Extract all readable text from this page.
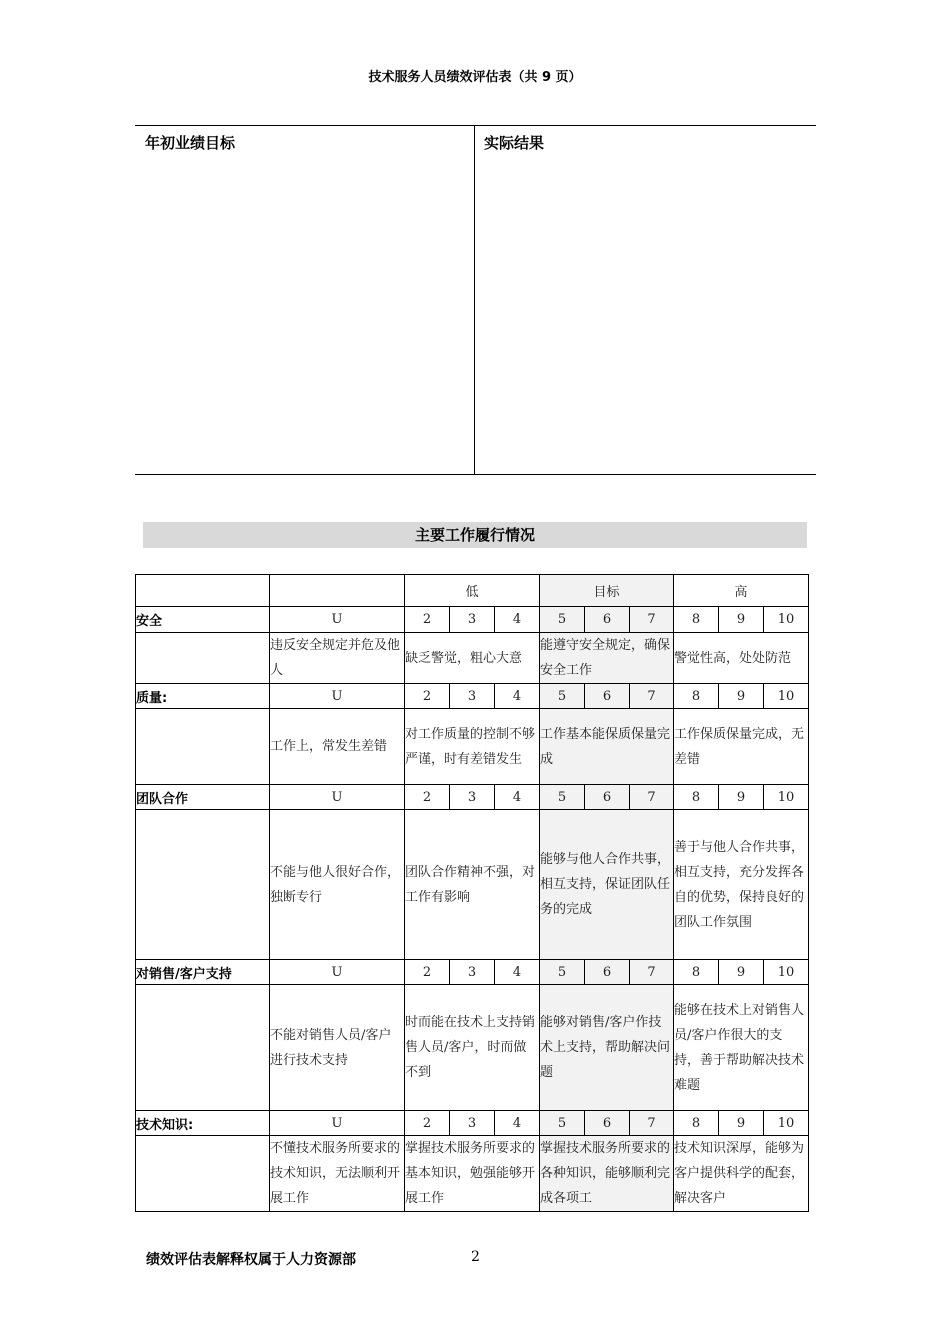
技术服务人员绩效评估表（共 9 页）
年初业绩目标	实际结果
主要工作履行情况
		低			目标			高		
安全	U	2	3	4	5	6	7	8	9	10
	违反安全规定并危及他人	缺乏警觉，粗心大意			能遵守安全规定，确保安全工作			警觉性高，处处防范		
质量:	U	2	3	4	5	6	7	8	9	10
	工作上，常发生差错	对工作质量的控制不够严谨，时有差错发生			工作基本能保质保量完成			工作保质保量完成，无差错		
团队合作	U	2	3	4	5	6	7	8	9	10
	不能与他人很好合作，独断专行	团队合作精神不强，对工作有影响			能够与他人合作共事，相互支持，保证团队任务的完成			善于与他人合作共事，相互支持，充分发挥各自的优势，保持良好的团队工作氛围		
对销售/客户支持	U	2	3	4	5	6	7	8	9	10
	不能对销售人员/客户进行技术支持	时而能在技术上支持销售人员/客户，时而做不到			能够对销售/客户作技术上支持，帮助解决问题			能够在技术上对销售人员/客户作很大的支持，善于帮助解决技术难题		
技术知识:	U	2	3	4	5	6	7	8	9	10
	不懂技术服务所要求的技术知识，无法顺利开展工作	掌握技术服务所要求的基本知识，勉强能够开展工作			掌握技术服务所要求的各种知识，能够顺利完成各项工			技术知识深厚，能够为客户提供科学的配套，解决客户		
绩效评估表解释权属于人力资源部	2
